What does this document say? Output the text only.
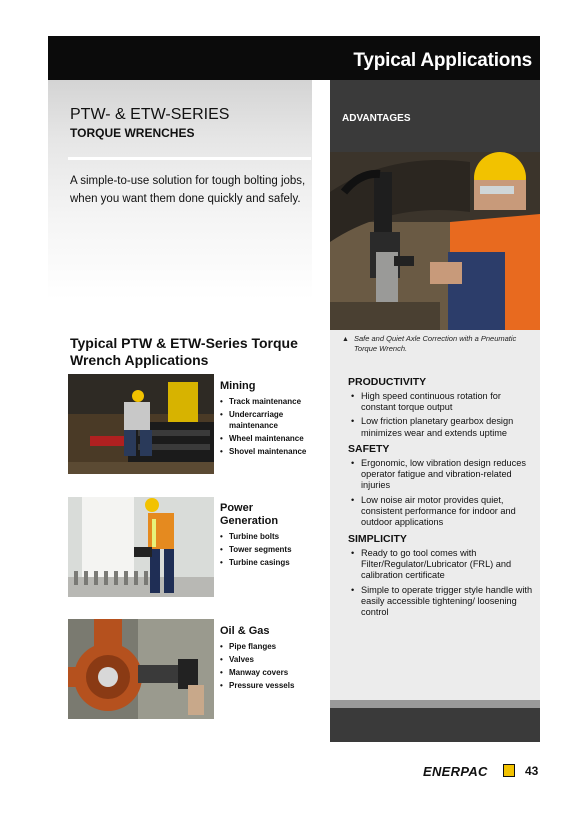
Typical Applications
PTW- & ETW-SERIES
TORQUE WRENCHES
A simple-to-use solution for tough bolting jobs, when you want them done quickly and safely.
Typical PTW & ETW-Series Torque Wrench Applications
Mining
• Track maintenance
• Undercarriage maintenance
• Wheel maintenance
• Shovel maintenance
Power Generation
• Turbine bolts
• Tower segments
• Turbine casings
Oil & Gas
• Pipe flanges
• Valves
• Manway covers
• Pressure vessels
ADVANTAGES
▲ Safe and Quiet Axle Correction with a Pneumatic Torque Wrench.
PRODUCTIVITY
• High speed continuous rotation for constant torque output
• Low friction planetary gearbox design minimizes wear and extends uptime
SAFETY
• Ergonomic, low vibration design reduces operator fatigue and vibration-related injuries
• Low noise air motor provides quiet, consistent performance for indoor and outdoor applications
SIMPLICITY
• Ready to go tool comes with Filter/Regulator/Lubricator (FRL) and calibration certificate
• Simple to operate trigger style handle with easily accessible tightening/ loosening control
ENERPAC	43
